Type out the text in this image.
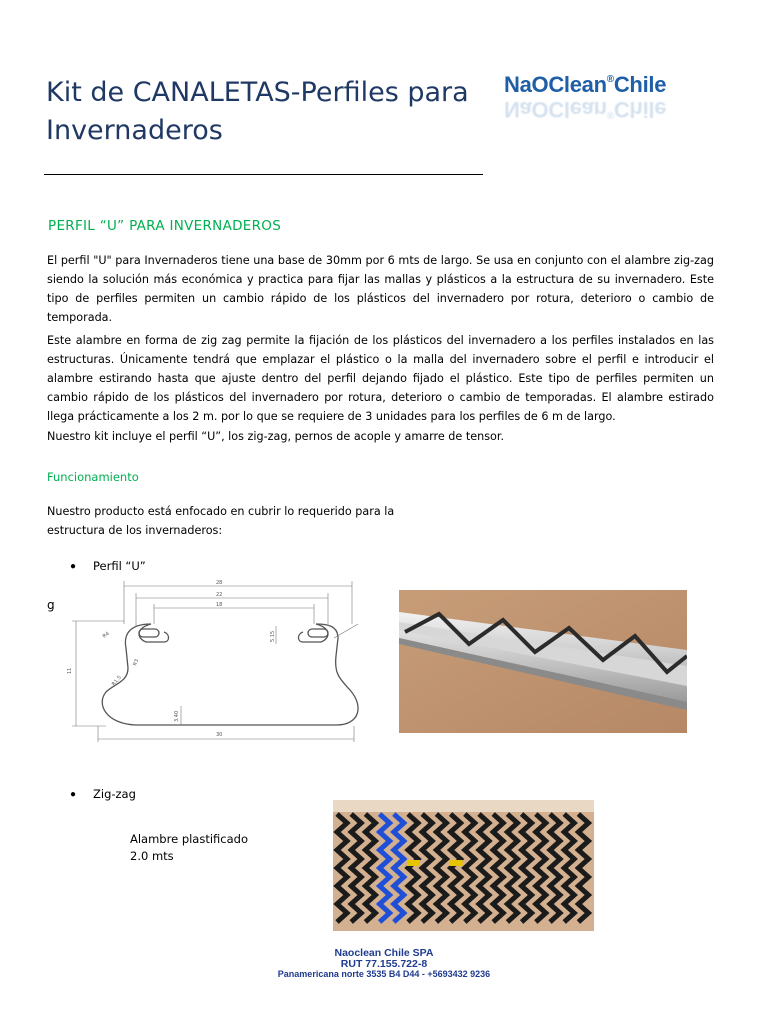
Kit de CANALETAS-Perfiles para Invernaderos
NaOClean®Chile
NaOClean®Chile
PERFIL “U” PARA INVERNADEROS

El perfil "U" para Invernaderos tiene una base de 30mm por 6 mts de largo. Se usa en conjunto con el alambre zig-zag siendo la solución más económica y practica para fijar las mallas y plásticos a la estructura de su invernadero. Este tipo de perfiles permiten un cambio rápido de los plásticos del invernadero por rotura, deterioro o cambio de temporada.

Este alambre en forma de zig zag permite la fijación de los plásticos del invernadero a los perfiles instalados en las estructuras. Únicamente tendrá que emplazar el plástico o la malla del invernadero sobre el perfil e introducir el alambre estirando hasta que ajuste dentro del perfil dejando fijado el plástico. Este tipo de perfiles permiten un cambio rápido de los plásticos del invernadero por rotura, deterioro o cambio de temporadas. El alambre estirado llega prácticamente a los 2 m. por lo que se requiere de 3 unidades para los perfiles de 6 m de largo.

Nuestro kit incluye el perfil “U”, los zig-zag, pernos de acople y amarre de tensor.

Funcionamiento
Nuestro producto está enfocado en cubrir lo requerido para la estructura de los invernaderos:
● Perfil “U”
g
28
22
18
11
5.15
R4
R3
R1.5
3.40
30
● Zig-zag
Alambre plastificado
2.0 mts
Naoclean Chile SPA
RUT 77.155.722-8
Panamericana norte 3535 B4 D44 - +5693432 9236
